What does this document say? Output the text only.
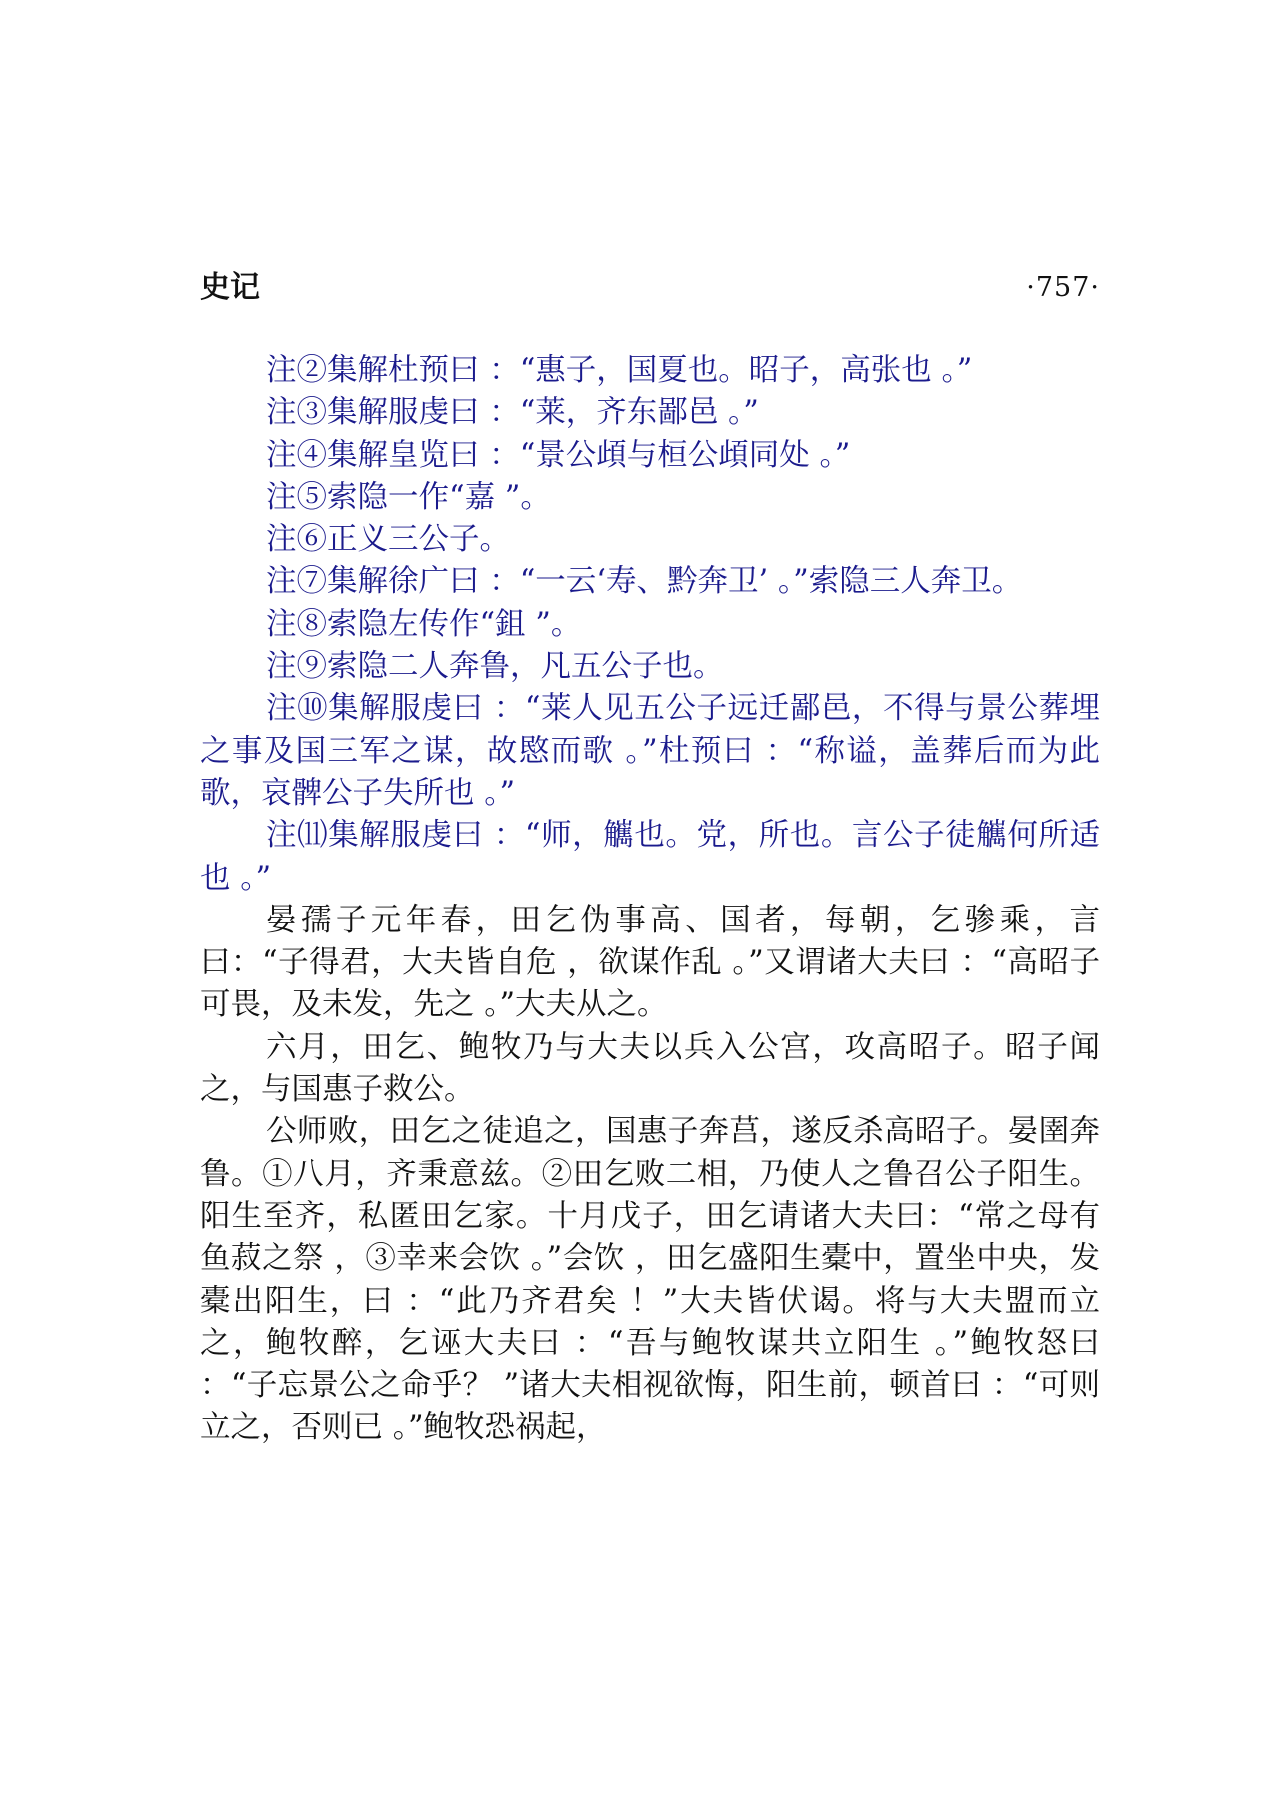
史记	·757·

注②集解杜预曰 ：“惠子，国夏也。昭子，高张也 。”

注③集解服虔曰 ：“莱，齐东鄙邑 。”

注④集解皇览曰 ：“景公頉与桓公頉同处 。”

注⑤索隐一作“嘉 ”。

注⑥正义三公子。

注⑦集解徐广曰 ：“一云‘寿、黔奔卫’ 。”索隐三人奔卫。

注⑧索隐左传作“鉏 ”。

注⑨索隐二人奔鲁，凡五公子也。

注⑩集解服虔曰 ：“莱人见五公子远迁鄙邑，不得与景公葬埋之事及国三军之谋，故愍而歌 。”杜预曰 ：“称谥，盖葬后而为此歌，哀髀公子失所也 。”

注⑾集解服虔曰 ：“师，觽也。党，所也。言公子徒觽何所适也 。”

晏孺子元年春，田乞伪事高、国者，每朝，乞骖乘，言曰：“子得君，大夫皆自危 ，欲谋作乱 。”又谓诸大夫曰 ：“高昭子可畏，及未发，先之 。”大夫从之。

六月，田乞、鲍牧乃与大夫以兵入公宫，攻高昭子。昭子闻之，与国惠子救公。

公师败，田乞之徒追之，国惠子奔莒，遂反杀高昭子。晏圉奔鲁。①八月，齐秉意兹。②田乞败二相，乃使人之鲁召公子阳生。阳生至齐，私匿田乞家。十月戊子，田乞请诸大夫曰：“常之母有鱼菽之祭 ，③幸来会饮 。”会饮 ，田乞盛阳生橐中，置坐中央，发橐出阳生，曰 ：“此乃齐君矣 ！”大夫皆伏谒。将与大夫盟而立之，鲍牧醉，乞诬大夫曰 ：“吾与鲍牧谋共立阳生 。”鲍牧怒曰 ：“子忘景公之命乎？ ”诸大夫相视欲悔，阳生前，顿首曰 ：“可则立之，否则已 。”鲍牧恐祸起，
